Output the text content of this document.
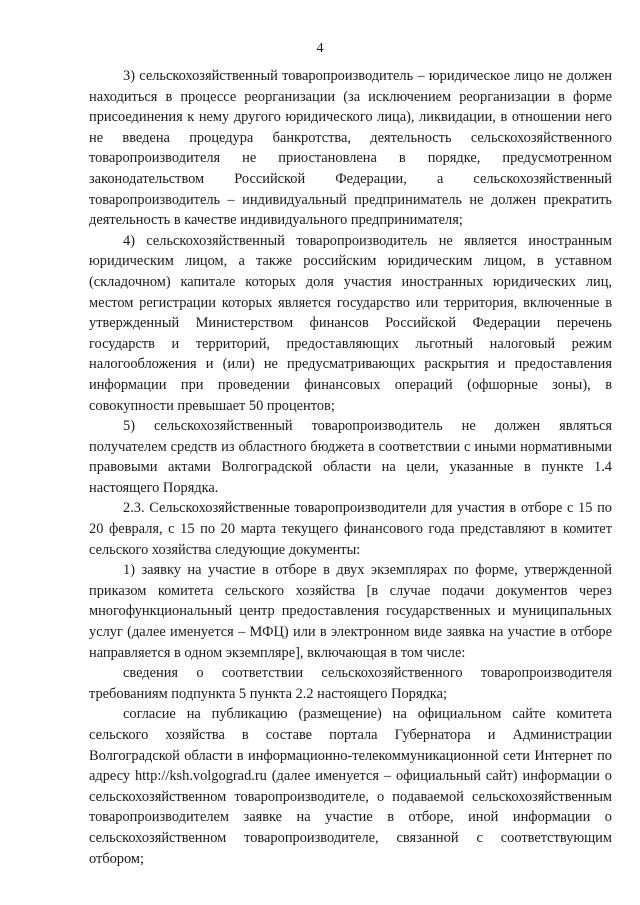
4

3) сельскохозяйственный товаропроизводитель – юридическое лицо не должен находиться в процессе реорганизации (за исключением реорганизации в форме присоединения к нему другого юридического лица), ликвидации, в отношении него не введена процедура банкротства, деятельность сельскохозяйственного товаропроизводителя не приостановлена в порядке, предусмотренном законодательством Российской Федерации, а сельскохозяйственный товаропроизводитель – индивидуальный предприниматель не должен прекратить деятельность в качестве индивидуального предпринимателя;

4) сельскохозяйственный товаропроизводитель не является иностранным юридическим лицом, а также российским юридическим лицом, в уставном (складочном) капитале которых доля участия иностранных юридических лиц, местом регистрации которых является государство или территория, включенные в утвержденный Министерством финансов Российской Федерации перечень государств и территорий, предоставляющих льготный налоговый режим налогообложения и (или) не предусматривающих раскрытия и предоставления информации при проведении финансовых операций (офшорные зоны), в совокупности превышает 50 процентов;

5) сельскохозяйственный товаропроизводитель не должен являться получателем средств из областного бюджета в соответствии с иными нормативными правовыми актами Волгоградской области на цели, указанные в пункте 1.4 настоящего Порядка.

2.3. Сельскохозяйственные товаропроизводители для участия в отборе с 15 по 20 февраля, с 15 по 20 марта текущего финансового года представляют в комитет сельского хозяйства следующие документы:

1) заявку на участие в отборе в двух экземплярах по форме, утвержденной приказом комитета сельского хозяйства [в случае подачи документов через многофункциональный центр предоставления государственных и муниципальных услуг (далее именуется – МФЦ) или в электронном виде заявка на участие в отборе направляется в одном экземпляре], включающая в том числе:

сведения о соответствии сельскохозяйственного товаропроизводителя требованиям подпункта 5 пункта 2.2 настоящего Порядка;

согласие на публикацию (размещение) на официальном сайте комитета сельского хозяйства в составе портала Губернатора и Администрации Волгоградской области в информационно-телекоммуникационной сети Интернет по адресу http://ksh.volgograd.ru (далее именуется – официальный сайт) информации о сельскохозяйственном товаропроизводителе, о подаваемой сельскохозяйственным товаропроизводителем заявке на участие в отборе, иной информации о сельскохозяйственном товаропроизводителе, связанной с соответствующим отбором;
